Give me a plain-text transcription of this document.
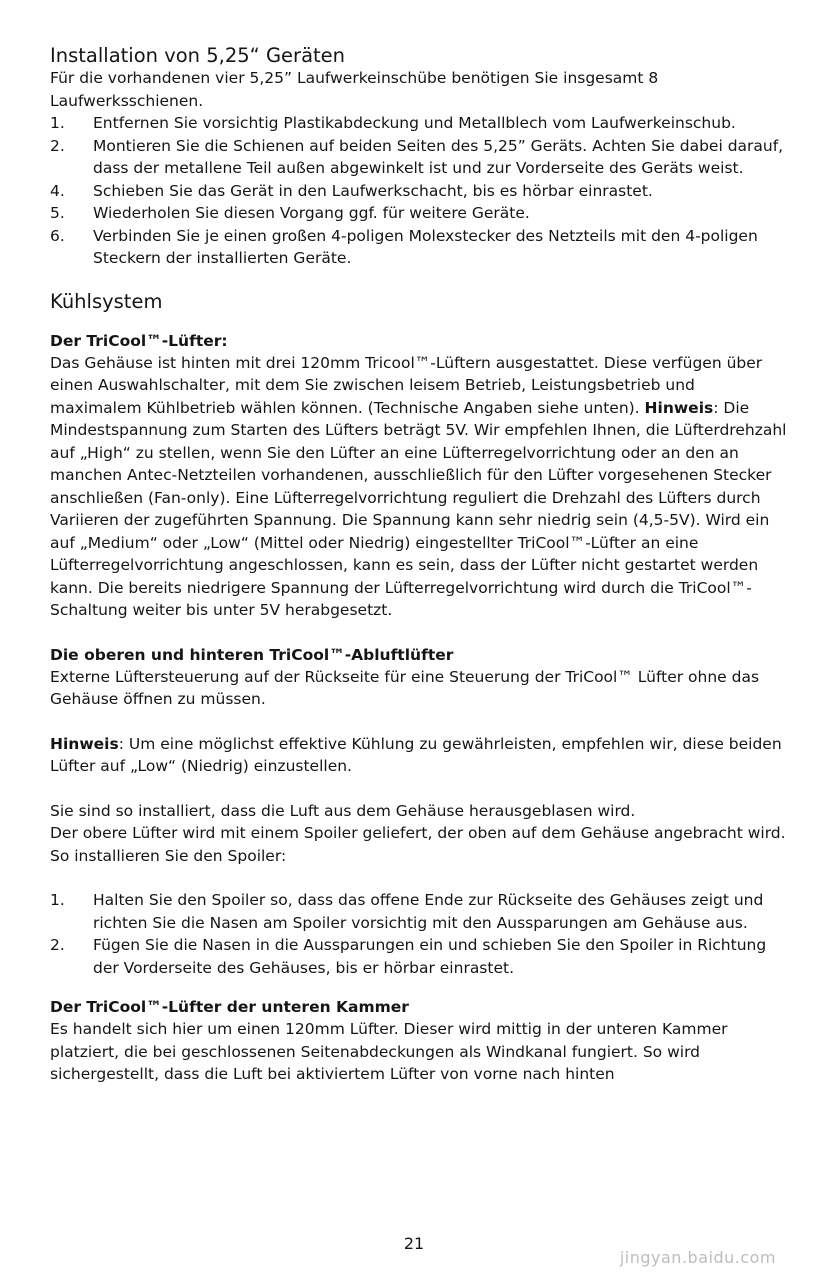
Installation von 5,25“ Geräten

Für die vorhandenen vier 5,25” Laufwerkeinschübe benötigen Sie insgesamt 8 Laufwerksschienen.

1. Entfernen Sie vorsichtig Plastikabdeckung und Metallblech vom Laufwerkeinschub.
2. Montieren Sie die Schienen auf beiden Seiten des 5,25” Geräts. Achten Sie dabei darauf, dass der metallene Teil außen abgewinkelt ist und zur Vorderseite des Geräts weist.
4. Schieben Sie das Gerät in den Laufwerkschacht, bis es hörbar einrastet.
5. Wiederholen Sie diesen Vorgang ggf. für weitere Geräte.
6. Verbinden Sie je einen großen 4-poligen Molexstecker des Netzteils mit den 4-poligen Steckern der installierten Geräte.
Kühlsystem

Der TriCool™-Lüfter:

Das Gehäuse ist hinten mit drei 120mm Tricool™-Lüftern ausgestattet. Diese verfügen über einen Auswahlschalter, mit dem Sie zwischen leisem Betrieb, Leistungsbetrieb und maximalem Kühlbetrieb wählen können. (Technische Angaben siehe unten). Hinweis: Die Mindestspannung zum Starten des Lüfters beträgt 5V. Wir empfehlen Ihnen, die Lüfterdrehzahl auf „High“ zu stellen, wenn Sie den Lüfter an eine Lüfterregelvorrichtung oder an den an manchen Antec-Netzteilen vorhandenen, ausschließlich für den Lüfter vorgesehenen Stecker anschließen (Fan-only). Eine Lüfterregelvorrichtung reguliert die Drehzahl des Lüfters durch Variieren der zugeführten Spannung. Die Spannung kann sehr niedrig sein (4,5-5V). Wird ein auf „Medium“ oder „Low“ (Mittel oder Niedrig) eingestellter TriCool™-Lüfter an eine Lüfterregelvorrichtung angeschlossen, kann es sein, dass der Lüfter nicht gestartet werden kann. Die bereits niedrigere Spannung der Lüfterregelvorrichtung wird durch die TriCool™-Schaltung weiter bis unter 5V herabgesetzt.

Die oberen und hinteren TriCool™-Abluftlüfter

Externe Lüftersteuerung auf der Rückseite für eine Steuerung der TriCool™ Lüfter ohne das Gehäuse öffnen zu müssen.

Hinweis: Um eine möglichst effektive Kühlung zu gewährleisten, empfehlen wir, diese beiden Lüfter auf „Low“ (Niedrig) einzustellen.

Sie sind so installiert, dass die Luft aus dem Gehäuse herausgeblasen wird.

Der obere Lüfter wird mit einem Spoiler geliefert, der oben auf dem Gehäuse angebracht wird.

So installieren Sie den Spoiler:

1. Halten Sie den Spoiler so, dass das offene Ende zur Rückseite des Gehäuses zeigt und richten Sie die Nasen am Spoiler vorsichtig mit den Aussparungen am Gehäuse aus.
2. Fügen Sie die Nasen in die Aussparungen ein und schieben Sie den Spoiler in Richtung der Vorderseite des Gehäuses, bis er hörbar einrastet.

Der TriCool™-Lüfter der unteren Kammer

Es handelt sich hier um einen 120mm Lüfter. Dieser wird mittig in der unteren Kammer platziert, die bei geschlossenen Seitenabdeckungen als Windkanal fungiert. So wird sichergestellt, dass die Luft bei aktiviertem Lüfter von vorne nach hinten

21
jingyan.baidu.com
